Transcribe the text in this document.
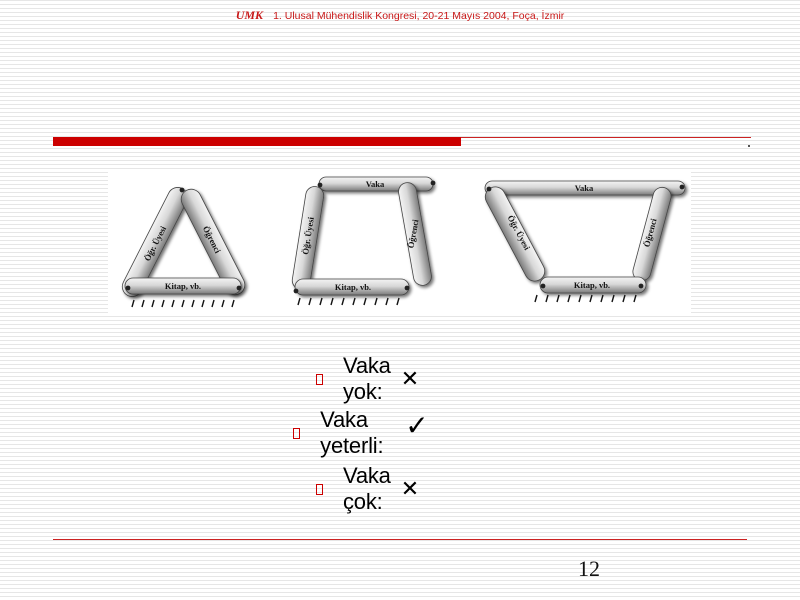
UMK 1. Ulusal Mühendislik Kongresi, 20-21 Mayıs 2004, Foça, İzmir
Öğr. Üyesi	Öğrenci
Kitap, vb.
Vaka
Öğr. Üyesi	Öğrenci
Kitap, vb.
Vaka
Öğr. Üyesi	Öğrenci
Kitap, vb.
Vaka yok: ✕
Vaka yeterli:
✓
Vaka çok: ✕
12
